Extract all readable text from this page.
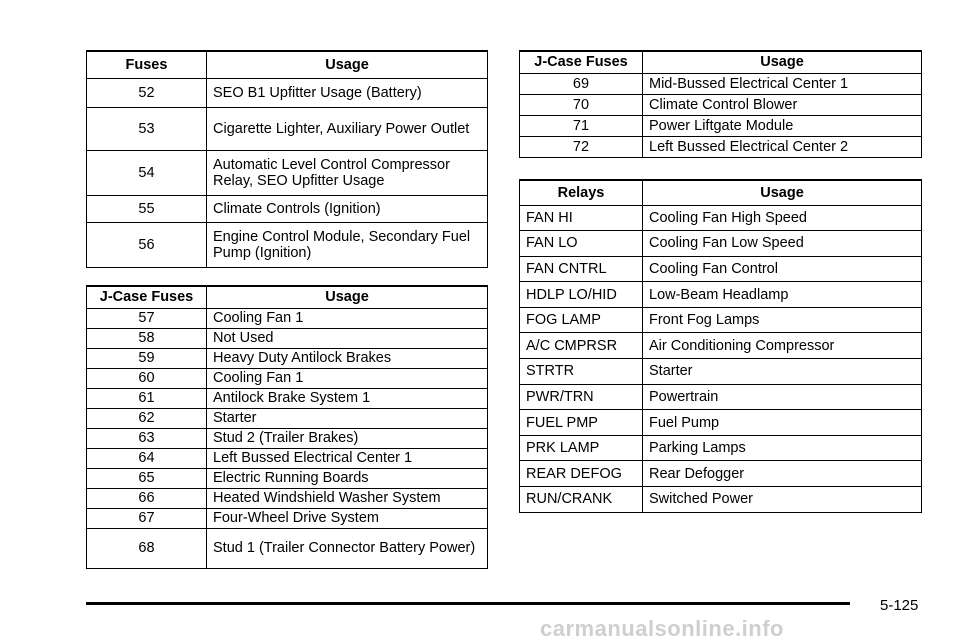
Fuses	Usage
52	SEO B1 Upfitter Usage (Battery)
53	Cigarette Lighter, Auxiliary Power Outlet
54	Automatic Level Control Compressor Relay, SEO Upfitter Usage
55	Climate Controls (Ignition)
56	Engine Control Module, Secondary Fuel Pump (Ignition)
J-Case Fuses	Usage
57	Cooling Fan 1
58	Not Used
59	Heavy Duty Antilock Brakes
60	Cooling Fan 1
61	Antilock Brake System 1
62	Starter
63	Stud 2 (Trailer Brakes)
64	Left Bussed Electrical Center 1
65	Electric Running Boards
66	Heated Windshield Washer System
67	Four-Wheel Drive System
68	Stud 1 (Trailer Connector Battery Power)
J-Case Fuses	Usage
69	Mid-Bussed Electrical Center 1
70	Climate Control Blower
71	Power Liftgate Module
72	Left Bussed Electrical Center 2
Relays	Usage
FAN HI	Cooling Fan High Speed
FAN LO	Cooling Fan Low Speed
FAN CNTRL	Cooling Fan Control
HDLP LO/HID	Low-Beam Headlamp
FOG LAMP	Front Fog Lamps
A/C CMPRSR	Air Conditioning Compressor
STRTR	Starter
PWR/TRN	Powertrain
FUEL PMP	Fuel Pump
PRK LAMP	Parking Lamps
REAR DEFOG	Rear Defogger
RUN/CRANK	Switched Power
5-125
carmanualsonline.info
